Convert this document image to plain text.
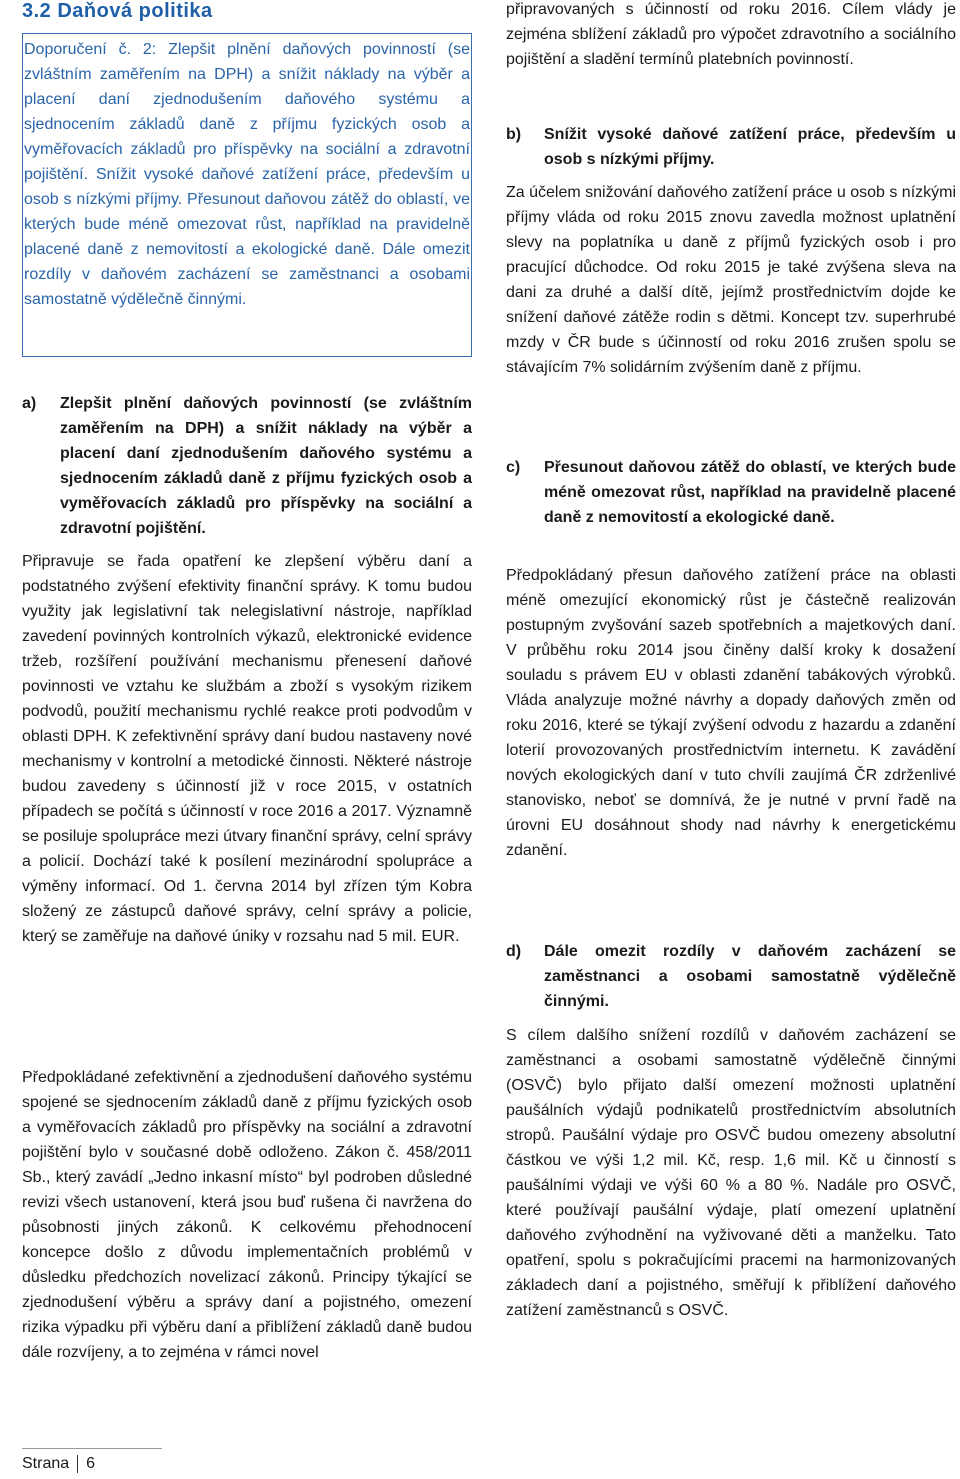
3.2 Daňová politika

Doporučení č. 2: Zlepšit plnění daňových povinností (se zvláštním zaměřením na DPH) a snížit náklady na výběr a placení daní zjednodušením daňového systému a sjednocením základů daně z příjmu fyzických osob a vyměřovacích základů pro příspěvky na sociální a zdravotní pojištění. Snížit vysoké daňové zatížení práce, především u osob s nízkými příjmy. Přesunout daňovou zátěž do oblastí, ve kterých bude méně omezovat růst, například na pravidelně placené daně z nemovitostí a ekologické daně. Dále omezit rozdíly v daňovém zacházení se zaměstnanci a osobami samostatně výdělečně činnými.

a)	Zlepšit plnění daňových povinností (se zvláštním zaměřením na DPH) a snížit náklady na výběr a placení daní zjednodušením daňového systému a sjednocením základů daně z příjmu fyzických osob a vyměřovacích základů pro příspěvky na sociální a zdravotní pojištění.

Připravuje se řada opatření ke zlepšení výběru daní a podstatného zvýšení efektivity finanční správy. K tomu budou využity jak legislativní tak nelegislativní nástroje, například zavedení povinných kontrolních výkazů, elektronické evidence tržeb, rozšíření používání mechanismu přenesení daňové povinnosti ve vztahu ke službám a zboží s vysokým rizikem podvodů, použití mechanismu rychlé reakce proti podvodům v oblasti DPH. K zefektivnění správy daní budou nastaveny nové mechanismy v kontrolní a metodické činnosti. Některé nástroje budou zavedeny s účinností již v roce 2015, v ostatních případech se počítá s účinností v roce 2016 a 2017. Významně se posiluje spolupráce mezi útvary finanční správy, celní správy a policií. Dochází také k posílení mezinárodní spolupráce a výměny informací. Od 1. června 2014 byl zřízen tým Kobra složený ze zástupců daňové správy, celní správy a policie, který se zaměřuje na daňové úniky v rozsahu nad 5 mil. EUR.

Předpokládané zefektivnění a zjednodušení daňového systému spojené se sjednocením základů daně z příjmu fyzických osob a vyměřovacích základů pro příspěvky na sociální a zdravotní pojištění bylo v současné době odloženo. Zákon č. 458/2011 Sb., který zavádí „Jedno inkasní místo“ byl podroben důsledné revizi všech ustanovení, která jsou buď rušena či navržena do působnosti jiných zákonů. K celkovému přehodnocení koncepce došlo z důvodu implementačních problémů v důsledku předchozích novelizací zákonů. Principy týkající se zjednodušení výběru a správy daní a pojistného, omezení rizika výpadku při výběru daní a přiblížení základů daně budou dále rozvíjeny, a to zejména v rámci novel

připravovaných s účinností od roku 2016. Cílem vlády je zejména sblížení základů pro výpočet zdravotního a sociálního pojištění a sladění termínů platebních povinností.

b)	Snížit vysoké daňové zatížení práce, především u osob s nízkými příjmy.

Za účelem snižování daňového zatížení práce u osob s nízkými příjmy vláda od roku 2015 znovu zavedla možnost uplatnění slevy na poplatníka u daně z příjmů fyzických osob i pro pracující důchodce. Od roku 2015 je také zvýšena sleva na dani za druhé a další dítě, jejímž prostřednictvím dojde ke snížení daňové zátěže rodin s dětmi. Koncept tzv. superhrubé mzdy v ČR bude s účinností od roku 2016 zrušen spolu se stávajícím 7% solidárním zvýšením daně z příjmu.

c)	Přesunout daňovou zátěž do oblastí, ve kterých bude méně omezovat růst, například na pravidelně placené daně z nemovitostí a ekologické daně.

Předpokládaný přesun daňového zatížení práce na oblasti méně omezující ekonomický růst je částečně realizován postupným zvyšování sazeb spotřebních a majetkových daní. V průběhu roku 2014 jsou činěny další kroky k dosažení souladu s právem EU v oblasti zdanění tabákových výrobků. Vláda analyzuje možné návrhy a dopady daňových změn od roku 2016, které se týkají zvýšení odvodu z hazardu a zdanění loterií provozovaných prostřednictvím internetu. K zavádění nových ekologických daní v tuto chvíli zaujímá ČR zdrženlivé stanovisko, neboť se domnívá, že je nutné v první řadě na úrovni EU dosáhnout shody nad návrhy k energetickému zdanění.

d)	Dále omezit rozdíly v daňovém zacházení se zaměstnanci a osobami samostatně výdělečně činnými.

S cílem dalšího snížení rozdílů v daňovém zacházení se zaměstnanci a osobami samostatně výdělečně činnými (OSVČ) bylo přijato další omezení možnosti uplatnění paušálních výdajů podnikatelů prostřednictvím absolutních stropů. Paušální výdaje pro OSVČ budou omezeny absolutní částkou ve výši 1,2 mil. Kč, resp. 1,6 mil. Kč u činností s paušálními výdaji ve výši 60 % a 80 %. Nadále pro OSVČ, které používají paušální výdaje, platí omezení uplatnění daňového zvýhodnění na vyživované děti a manželku. Tato opatření, spolu s pokračujícími pracemi na harmonizovaných základech daní a pojistného, směřují k přiblížení daňového zatížení zaměstnanců s OSVČ.

Strana 6
